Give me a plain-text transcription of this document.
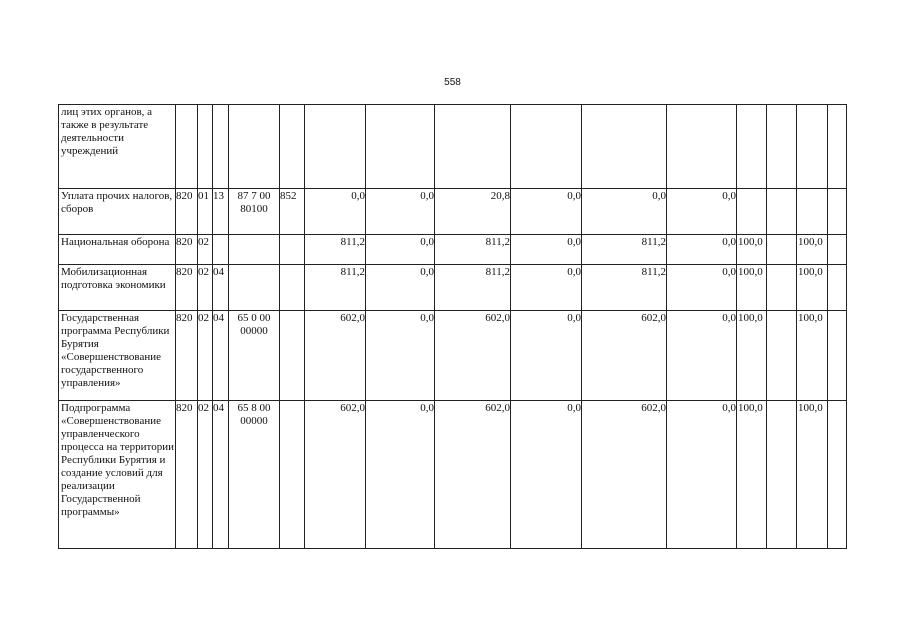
558
лиц этих органов, а также в результате деятельности учреждений															
Уплата прочих налогов, сборов	820	01	13	87 7 00 80100	852	0,0	0,0	20,8	0,0	0,0	0,0				
Национальная оборона	820	02				811,2	0,0	811,2	0,0	811,2	0,0	100,0		100,0	
Мобилизационная подготовка экономики	820	02	04			811,2	0,0	811,2	0,0	811,2	0,0	100,0		100,0	
Государственная программа Республики Бурятия «Совершенствование государственного управления»	820	02	04	65 0 00 00000		602,0	0,0	602,0	0,0	602,0	0,0	100,0		100,0	
Подпрограмма «Совершенствование управленческого процесса на территории Республики Бурятия и создание условий для реализации Государственной программы»	820	02	04	65 8 00 00000		602,0	0,0	602,0	0,0	602,0	0,0	100,0		100,0	
